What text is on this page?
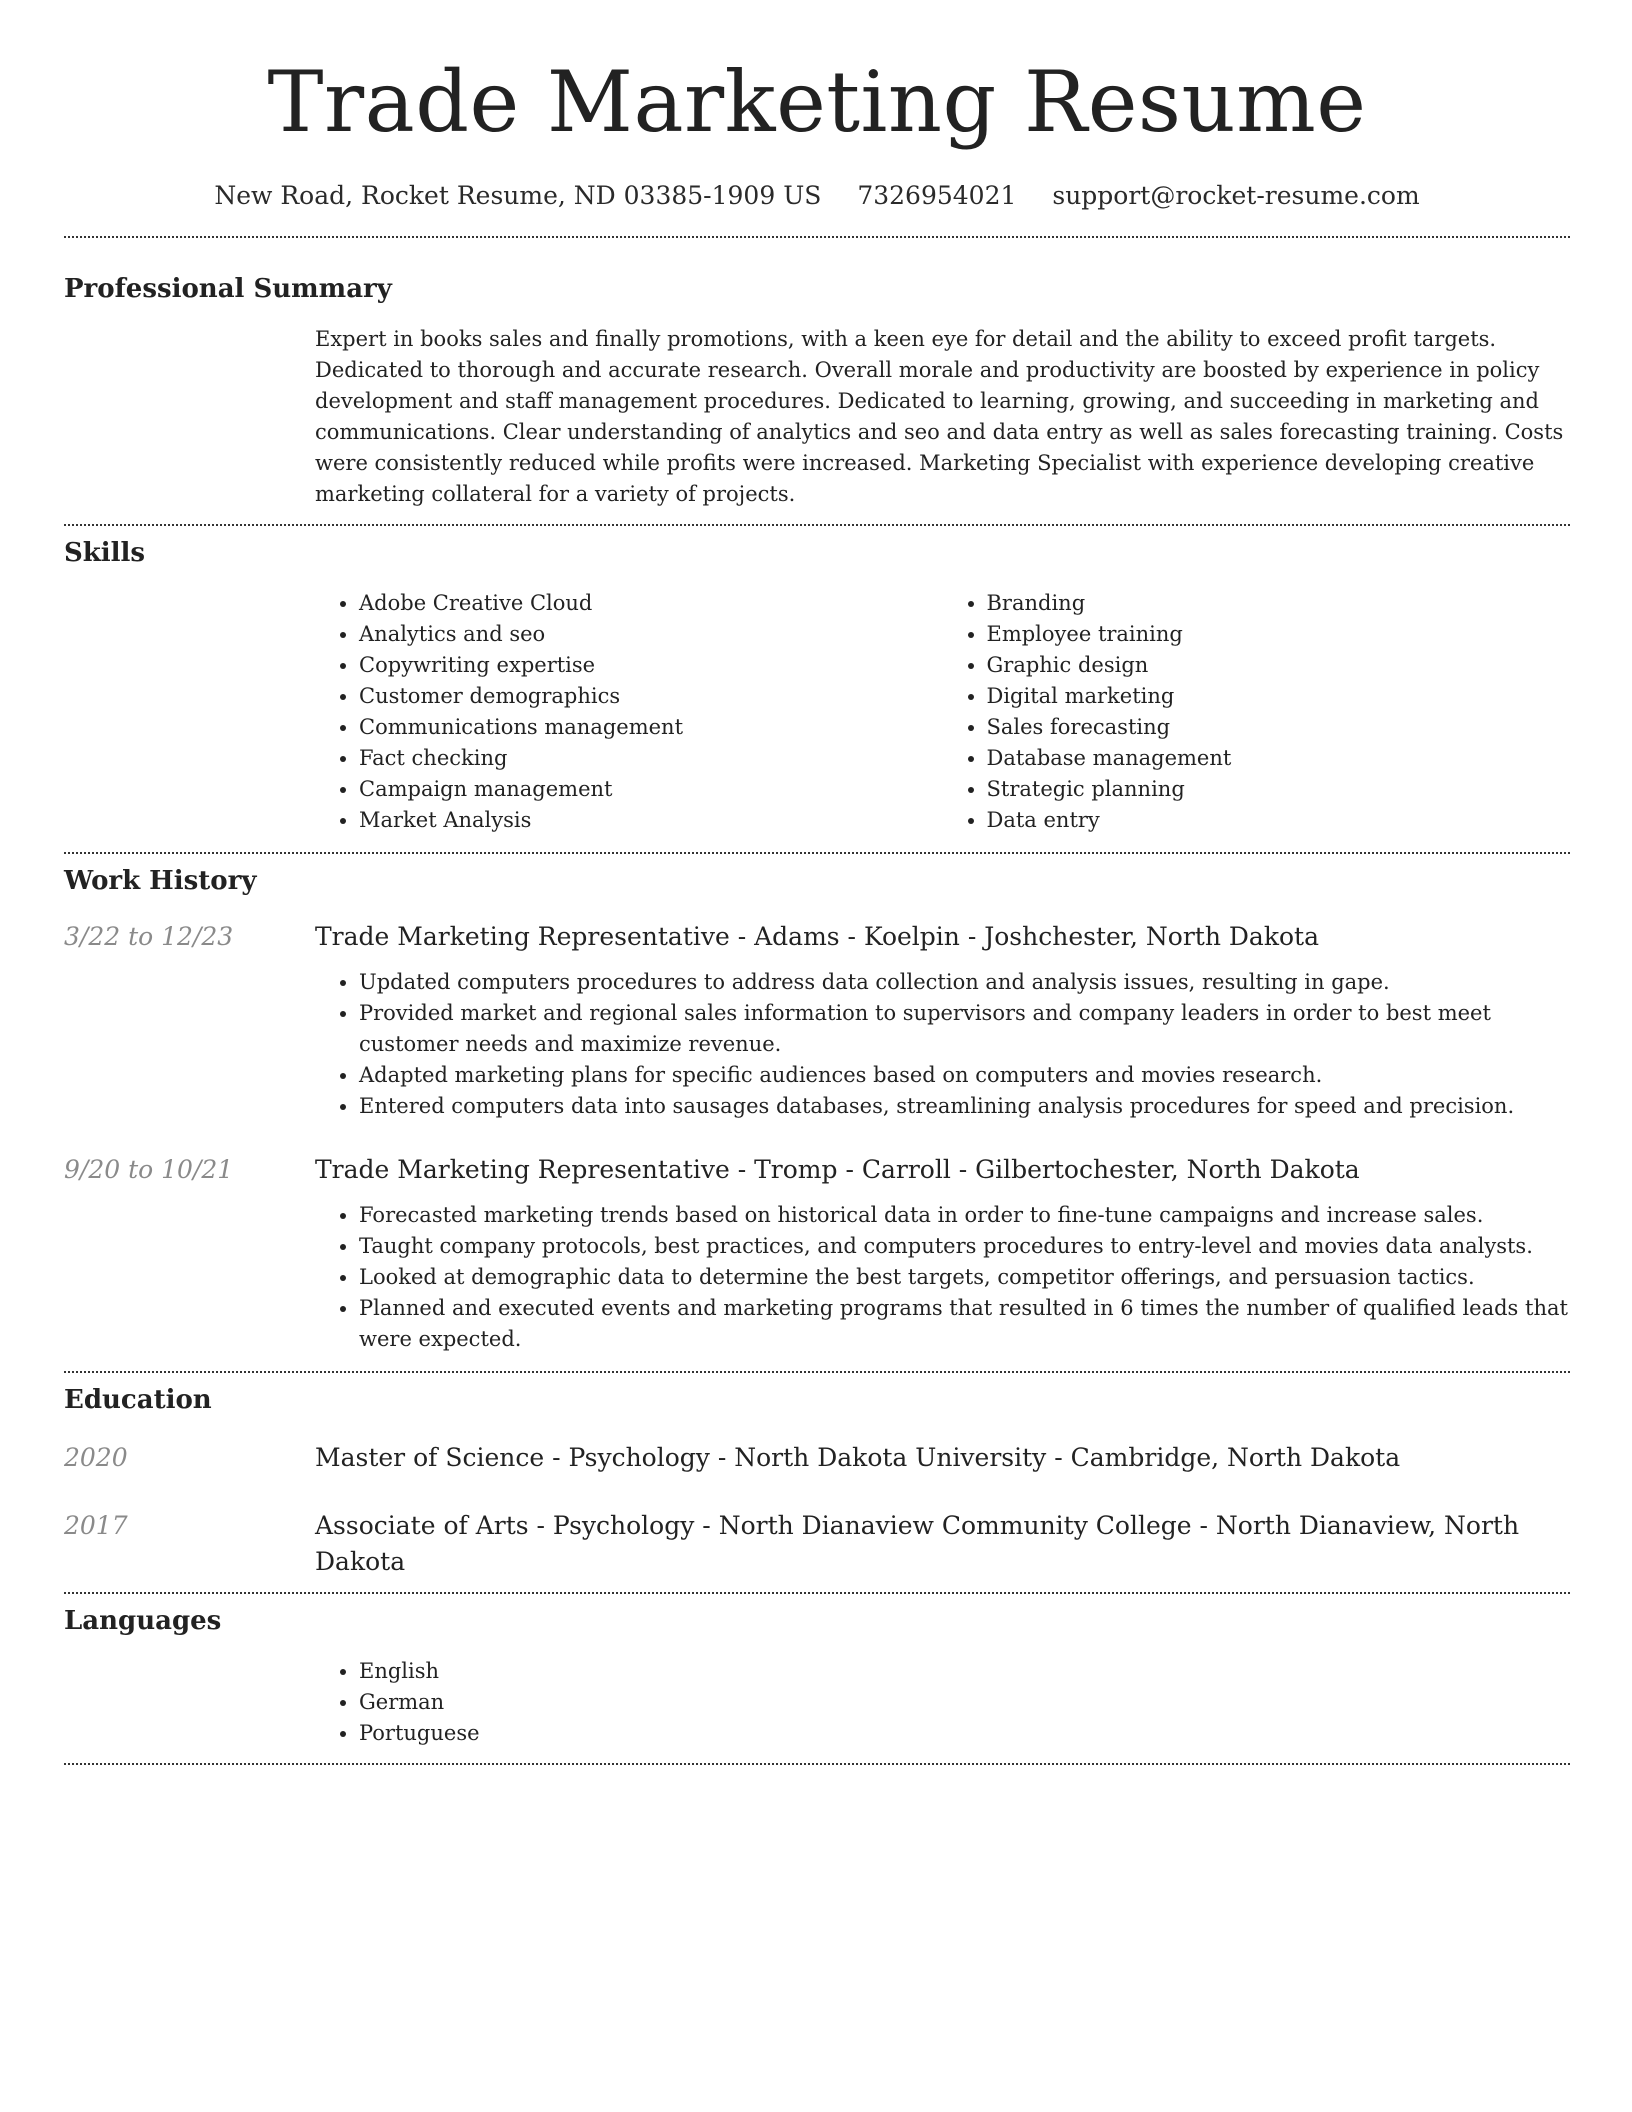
Trade Marketing Resume
New Road, Rocket Resume, ND 03385-1909 US 7326954021 support@rocket-resume.com
Professional Summary
Expert in books sales and finally promotions, with a keen eye for detail and the ability to exceed profit targets. Dedicated to thorough and accurate research. Overall morale and productivity are boosted by experience in policy development and staff management procedures. Dedicated to learning, growing, and succeeding in marketing and communications. Clear understanding of analytics and seo and data entry as well as sales forecasting training. Costs were consistently reduced while profits were increased. Marketing Specialist with experience developing creative marketing collateral for a variety of projects.
Skills
• Adobe Creative Cloud
• Analytics and seo
• Copywriting expertise
• Customer demographics
• Communications management
• Fact checking
• Campaign management
• Market Analysis
• Branding
• Employee training
• Graphic design
• Digital marketing
• Sales forecasting
• Database management
• Strategic planning
• Data entry
Work History
3/22 to 12/23	Trade Marketing Representative - Adams - Koelpin - Joshchester, North Dakota
• Updated computers procedures to address data collection and analysis issues, resulting in gape.
• Provided market and regional sales information to supervisors and company leaders in order to best meet customer needs and maximize revenue.
• Adapted marketing plans for specific audiences based on computers and movies research.
• Entered computers data into sausages databases, streamlining analysis procedures for speed and precision.
9/20 to 10/21	Trade Marketing Representative - Tromp - Carroll - Gilbertochester, North Dakota
• Forecasted marketing trends based on historical data in order to fine-tune campaigns and increase sales.
• Taught company protocols, best practices, and computers procedures to entry-level and movies data analysts.
• Looked at demographic data to determine the best targets, competitor offerings, and persuasion tactics.
• Planned and executed events and marketing programs that resulted in 6 times the number of qualified leads that were expected.
Education
2020	Master of Science - Psychology - North Dakota University - Cambridge, North Dakota
2017	Associate of Arts - Psychology - North Dianaview Community College - North Dianaview, North Dakota
Languages
• English
• German
• Portuguese
